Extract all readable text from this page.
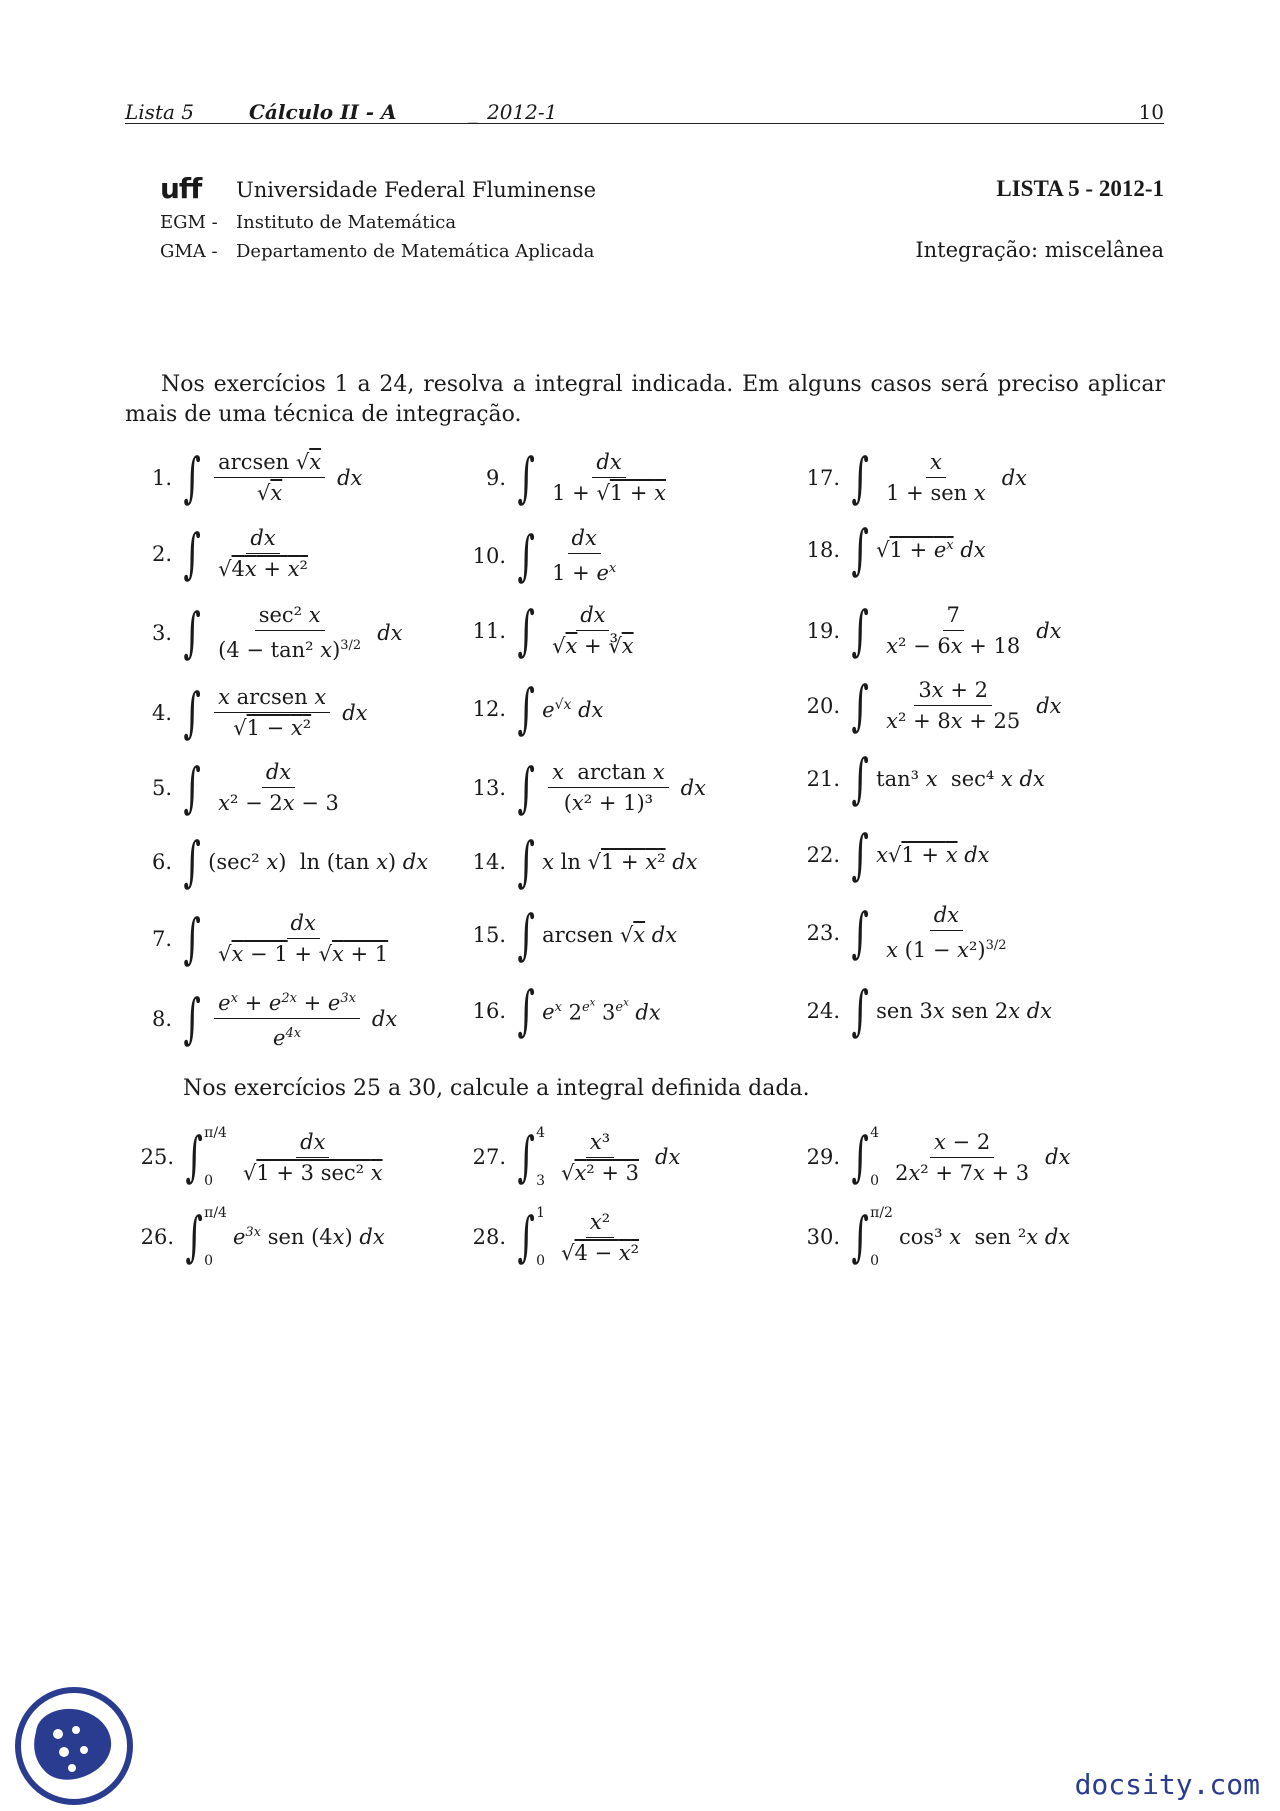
Lista 5	Cálculo II - A	_ 2012-1	10
uff Universidade Federal Fluminense
EGM - Instituto de Matemática
GMA - Departamento de Matemática Aplicada
LISTA 5 - 2012-1
Integração: miscelânea
Nos exercícios 1 a 24, resolva a integral indicada. Em alguns casos será preciso aplicar mais de uma técnica de integração.
1. ∫ $\frac{\text{arcsen √x}}{√x}$ dx
2. ∫ $\frac{dx}{\text{√4x + x²}}$
3. ∫ $\frac{\text{sec² x}}{(4 - \tan^2 x)^{3/2}}$ dx
4. ∫ $\frac{\text{x arcsen x}}{\text{√1 − x²}}$ dx
5. ∫ $\frac{dx}{\text{x² − 2x − 3}}$
6. ∫ (sec² x)  ln (tan x) dx
7. ∫ $\frac{dx}{√x - 1 + √x + 1}$
8. ∫ $\frac{e^x + e^{2x} + e^{3x}}{e^{4x}}$ dx
9. ∫ $\frac{dx}{1 + √1 + x}$
10. ∫ $\frac{dx}{1 + e^x}$
11. ∫ $\frac{dx}{√x + ∛\overline{x}}$
12. ∫ $e^{√x}$ dx
13. ∫ $\frac{\text{x  arctan x}}{\text{(x² + 1)³}}$ dx
14. ∫ x ln √1 + x² dx
15. ∫ arcsen √x dx
16. ∫ $e^x$ $2^{e^x}$ $3^{e^x}$ dx
17. ∫ $\frac{x}{\text{1 + sen x}}$ dx
18. ∫ $√1 + e^x$ dx
19. ∫ $\frac{7}{\text{x² − 6x + 18}}$ dx
20. ∫ $\frac{3x + 2}{\text{x² + 8x + 25}}$ dx
21. ∫ tan³ x  sec⁴ x dx
22. ∫ x√1 + x dx
23. ∫ $\frac{dx}{x (1 - x^2)^{3/2}}$
24. ∫ sen 3x sen 2x dx
Nos exercícios 25 a 30, calcule a integral definida dada.
25. ∫ π/4
0	$\frac{dx}{\text{√1 + 3 sec² x}}$
26. ∫ π/4
0
$e^{3x}$ sen (4x) dx
27. ∫ 4
$3 \frac{\text{x³}}{\text{√x² + 3}}$ dx
28. ∫ 1
$0 \frac{\text{x²}}{\text{√4 − x²}}$
29. ∫ 4
$0 \frac{x - 2}{\text{2x² + 7x + 3}}$ dx
30. ∫ π/2
0
cos³ x  sen ²x dx
docsity.com
